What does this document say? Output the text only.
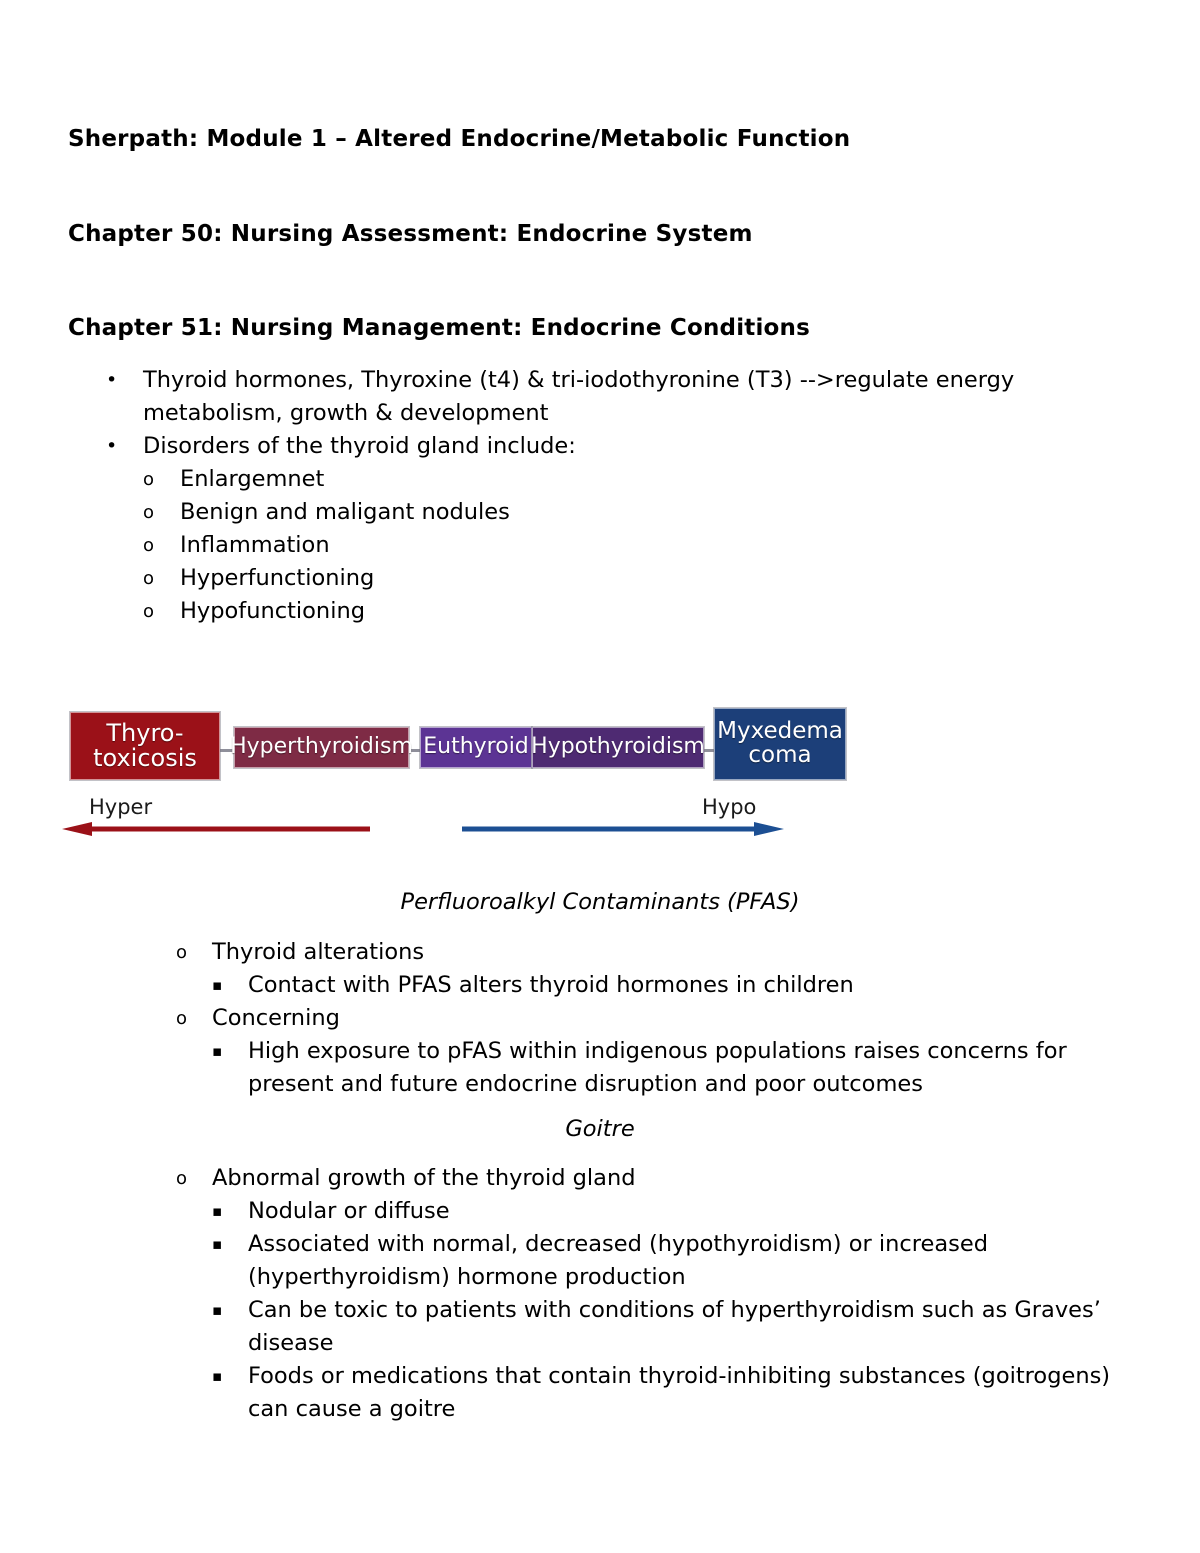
Sherpath: Module 1 – Altered Endocrine/Metabolic Function
Chapter 50: Nursing Assessment: Endocrine System
Chapter 51: Nursing Management: Endocrine Conditions
•	Thyroid hormones, Thyroxine (t4) & tri-iodothyronine (T3) -->regulate energy metabolism, growth & development
•	Disorders of the thyroid gland include:
o	Enlargemnet
o	Benign and maligant nodules
o	Inflammation
o	Hyperfunctioning
o	Hypofunctioning
Thyro-
toxicosis Hyperthyroidism Euthyroid Hypothyroidism
Myxedema
coma
Hyper	Hypo
Perfluoroalkyl Contaminants (PFAS)
o	Thyroid alterations
▪	Contact with PFAS alters thyroid hormones in children
o	Concerning
▪	High exposure to pFAS within indigenous populations raises concerns for present and future endocrine disruption and poor outcomes
Goitre
o	Abnormal growth of the thyroid gland
▪	Nodular or diffuse
▪	Associated with normal, decreased (hypothyroidism) or increased (hyperthyroidism) hormone production
▪	Can be toxic to patients with conditions of hyperthyroidism such as Graves’ disease
▪	Foods or medications that contain thyroid-inhibiting substances (goitrogens) can cause a goitre
